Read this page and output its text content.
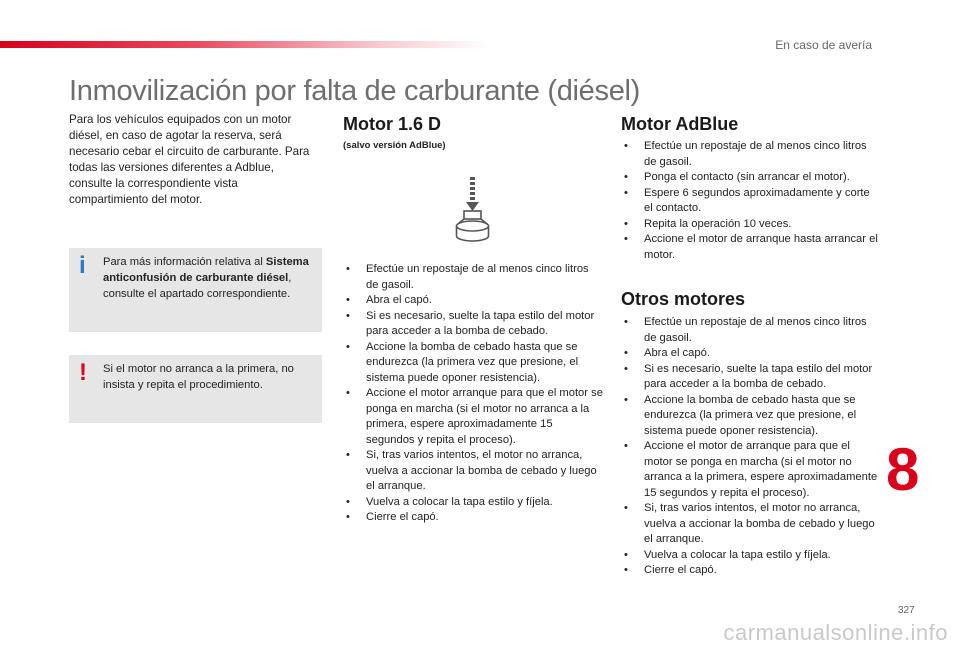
En caso de avería
Inmovilización por falta de carburante (diésel)

Para los vehículos equipados con un motor diésel, en caso de agotar la reserva, será necesario cebar el circuito de carburante. Para todas las versiones diferentes a Adblue, consulte la correspondiente vista compartimiento del motor.

i Para más información relativa al Sistema anticonfusión de carburante diésel, consulte el apartado correspondiente.
! Si el motor no arranca a la primera, no insista y repita el procedimiento.
Motor 1.6 D
(salvo versión AdBlue)
• Efectúe un repostaje de al menos cinco litros de gasoil.
• Abra el capó.
• Si es necesario, suelte la tapa estilo del motor para acceder a la bomba de cebado.
• Accione la bomba de cebado hasta que se endurezca (la primera vez que presione, el sistema puede oponer resistencia).
• Accione el motor arranque para que el motor se ponga en marcha (si el motor no arranca a la primera, espere aproximadamente 15 segundos y repita el proceso).
• Si, tras varios intentos, el motor no arranca, vuelva a accionar la bomba de cebado y luego el arranque.
• Vuelva a colocar la tapa estilo y fíjela.
• Cierre el capó.
Motor AdBlue
• Efectúe un repostaje de al menos cinco litros de gasoil.
• Ponga el contacto (sin arrancar el motor).
• Espere 6 segundos aproximadamente y corte el contacto.
• Repita la operación 10 veces.
• Accione el motor de arranque hasta arrancar el motor.
Otros motores
• Efectúe un repostaje de al menos cinco litros de gasoil.
• Abra el capó.
• Si es necesario, suelte la tapa estilo del motor para acceder a la bomba de cebado.
• Accione la bomba de cebado hasta que se endurezca (la primera vez que presione, el sistema puede oponer resistencia).
• Accione el motor de arranque para que el motor se ponga en marcha (si el motor no arranca a la primera, espere aproximadamente 15 segundos y repita el proceso).
• Si, tras varios intentos, el motor no arranca, vuelva a accionar la bomba de cebado y luego el arranque.
• Vuelva a colocar la tapa estilo y fíjela.
• Cierre el capó.
8
327
carmanualsonline.info
